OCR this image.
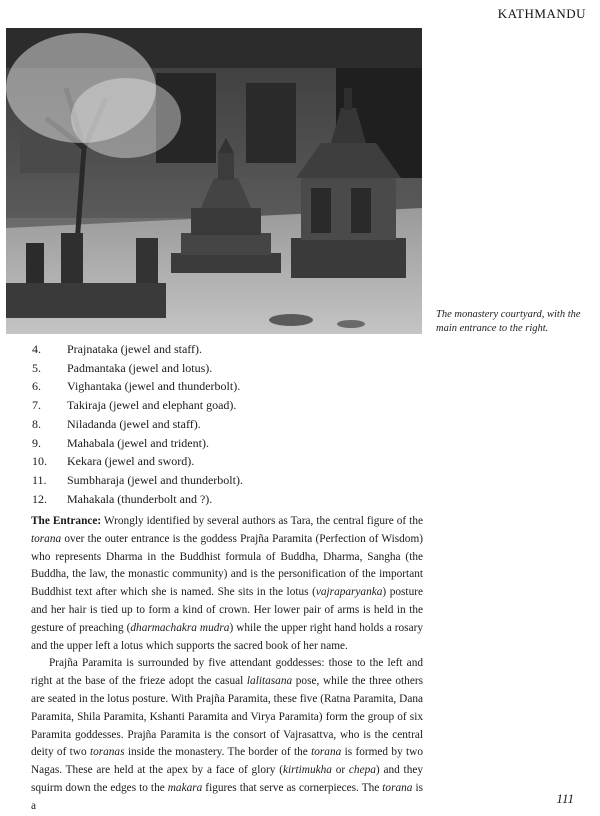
KATHMANDU
The monastery courtyard, with the main entrance to the right.
4.	Prajnataka (jewel and staff).
5.	Padmantaka (jewel and lotus).
6.	Vighantaka (jewel and thunderbolt).
7.	Takiraja (jewel and elephant goad).
8.	Niladanda (jewel and staff).
9.	Mahabala (jewel and trident).
10.	Kekara (jewel and sword).
11.	Sumbharaja (jewel and thunderbolt).
12.	Mahakala (thunderbolt and ?).

The Entrance: Wrongly identified by several authors as Tara, the central figure of the torana over the outer entrance is the goddess Prajña Paramita (Perfection of Wisdom) who represents Dharma in the Buddhist formula of Buddha, Dharma, Sangha (the Buddha, the law, the monastic community) and is the personification of the important Buddhist text after which she is named. She sits in the lotus (vajraparyanka) posture and her hair is tied up to form a kind of crown. Her lower pair of arms is held in the gesture of preaching (dharmachakra mudra) while the upper right hand holds a rosary and the upper left a lotus which supports the sacred book of her name.

Prajña Paramita is surrounded by five attendant goddesses: those to the left and right at the base of the frieze adopt the casual lalitasana pose, while the three others are seated in the lotus posture. With Prajña Paramita, these five (Ratna Paramita, Dana Paramita, Shila Paramita, Kshanti Paramita and Virya Paramita) form the group of six Paramita goddesses. Prajña Paramita is the consort of Vajrasattva, who is the central deity of two toranas inside the monastery. The border of the torana is formed by two Nagas. These are held at the apex by a face of glory (kirtimukha or chepa) and they squirm down the edges to the makara figures that serve as cornerpieces. The torana is a	111
